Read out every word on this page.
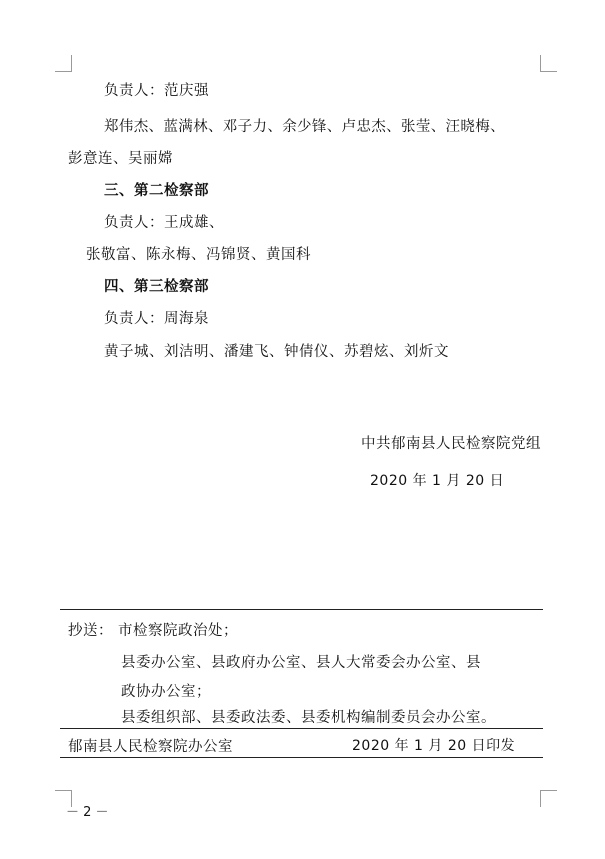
负责人：范庆强
郑伟杰、蓝满林、邓子力、余少锋、卢忠杰、张莹、汪晓梅、
彭意连、吴丽嫦
三、第二检察部
负责人：王成雄、
张敬富、陈永梅、冯锦贤、黄国科
四、第三检察部
负责人：周海泉
黄子城、刘洁明、潘建飞、钟倩仪、苏碧炫、刘炘文
中共郁南县人民检察院党组
2020 年 1 月 20 日
抄送： 市检察院政治处；
县委办公室、县政府办公室、县人大常委会办公室、县
政协办公室；
县委组织部、县委政法委、县委机构编制委员会办公室。
郁南县人民检察院办公室	2020 年 1 月 20 日印发
－ 2 －
